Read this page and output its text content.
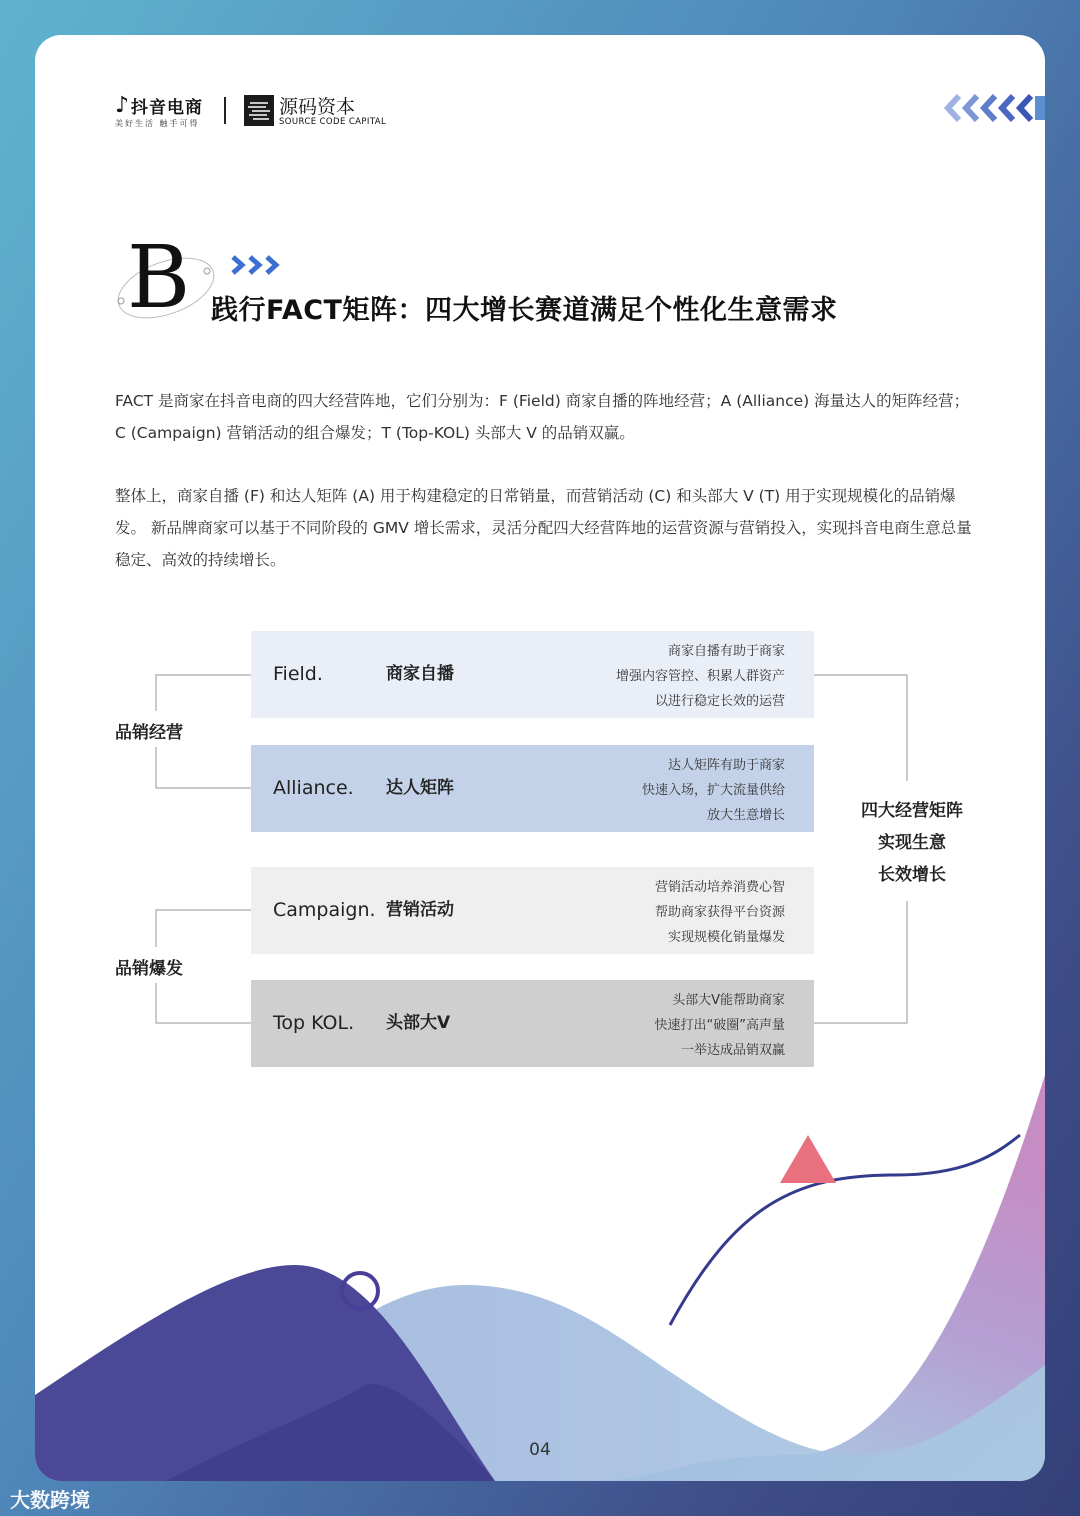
♪ 抖音电商
美好生活 触手可得
源码资本
SOURCE CODE CAPITAL
B 践行FACT矩阵：四大增长赛道满足个性化生意需求
FACT 是商家在抖音电商的四大经营阵地，它们分别为：F (Field) 商家自播的阵地经营；A (Alliance) 海量达人的矩阵经营；C (Campaign) 营销活动的组合爆发；T (Top-KOL) 头部大 V 的品销双赢。
整体上，商家自播 (F) 和达人矩阵 (A) 用于构建稳定的日常销量，而营销活动 (C) 和头部大 V (T) 用于实现规模化的品销爆发。 新品牌商家可以基于不同阶段的 GMV 增长需求，灵活分配四大经营阵地的运营资源与营销投入，实现抖音电商生意总量稳定、高效的持续增长。
品销经营
品销爆发
Field.	商家自播
商家自播有助于商家
增强内容管控、积累人群资产
以进行稳定长效的运营
Alliance. 达人矩阵
达人矩阵有助于商家
快速入场，扩大流量供给
放大生意增长
Campaign. 营销活动
营销活动培养消费心智
帮助商家获得平台资源
实现规模化销量爆发
Top KOL. 头部大V
头部大V能帮助商家
快速打出“破圈”高声量
一举达成品销双赢
四大经营矩阵
实现生意
长效增长
04
大数跨境
